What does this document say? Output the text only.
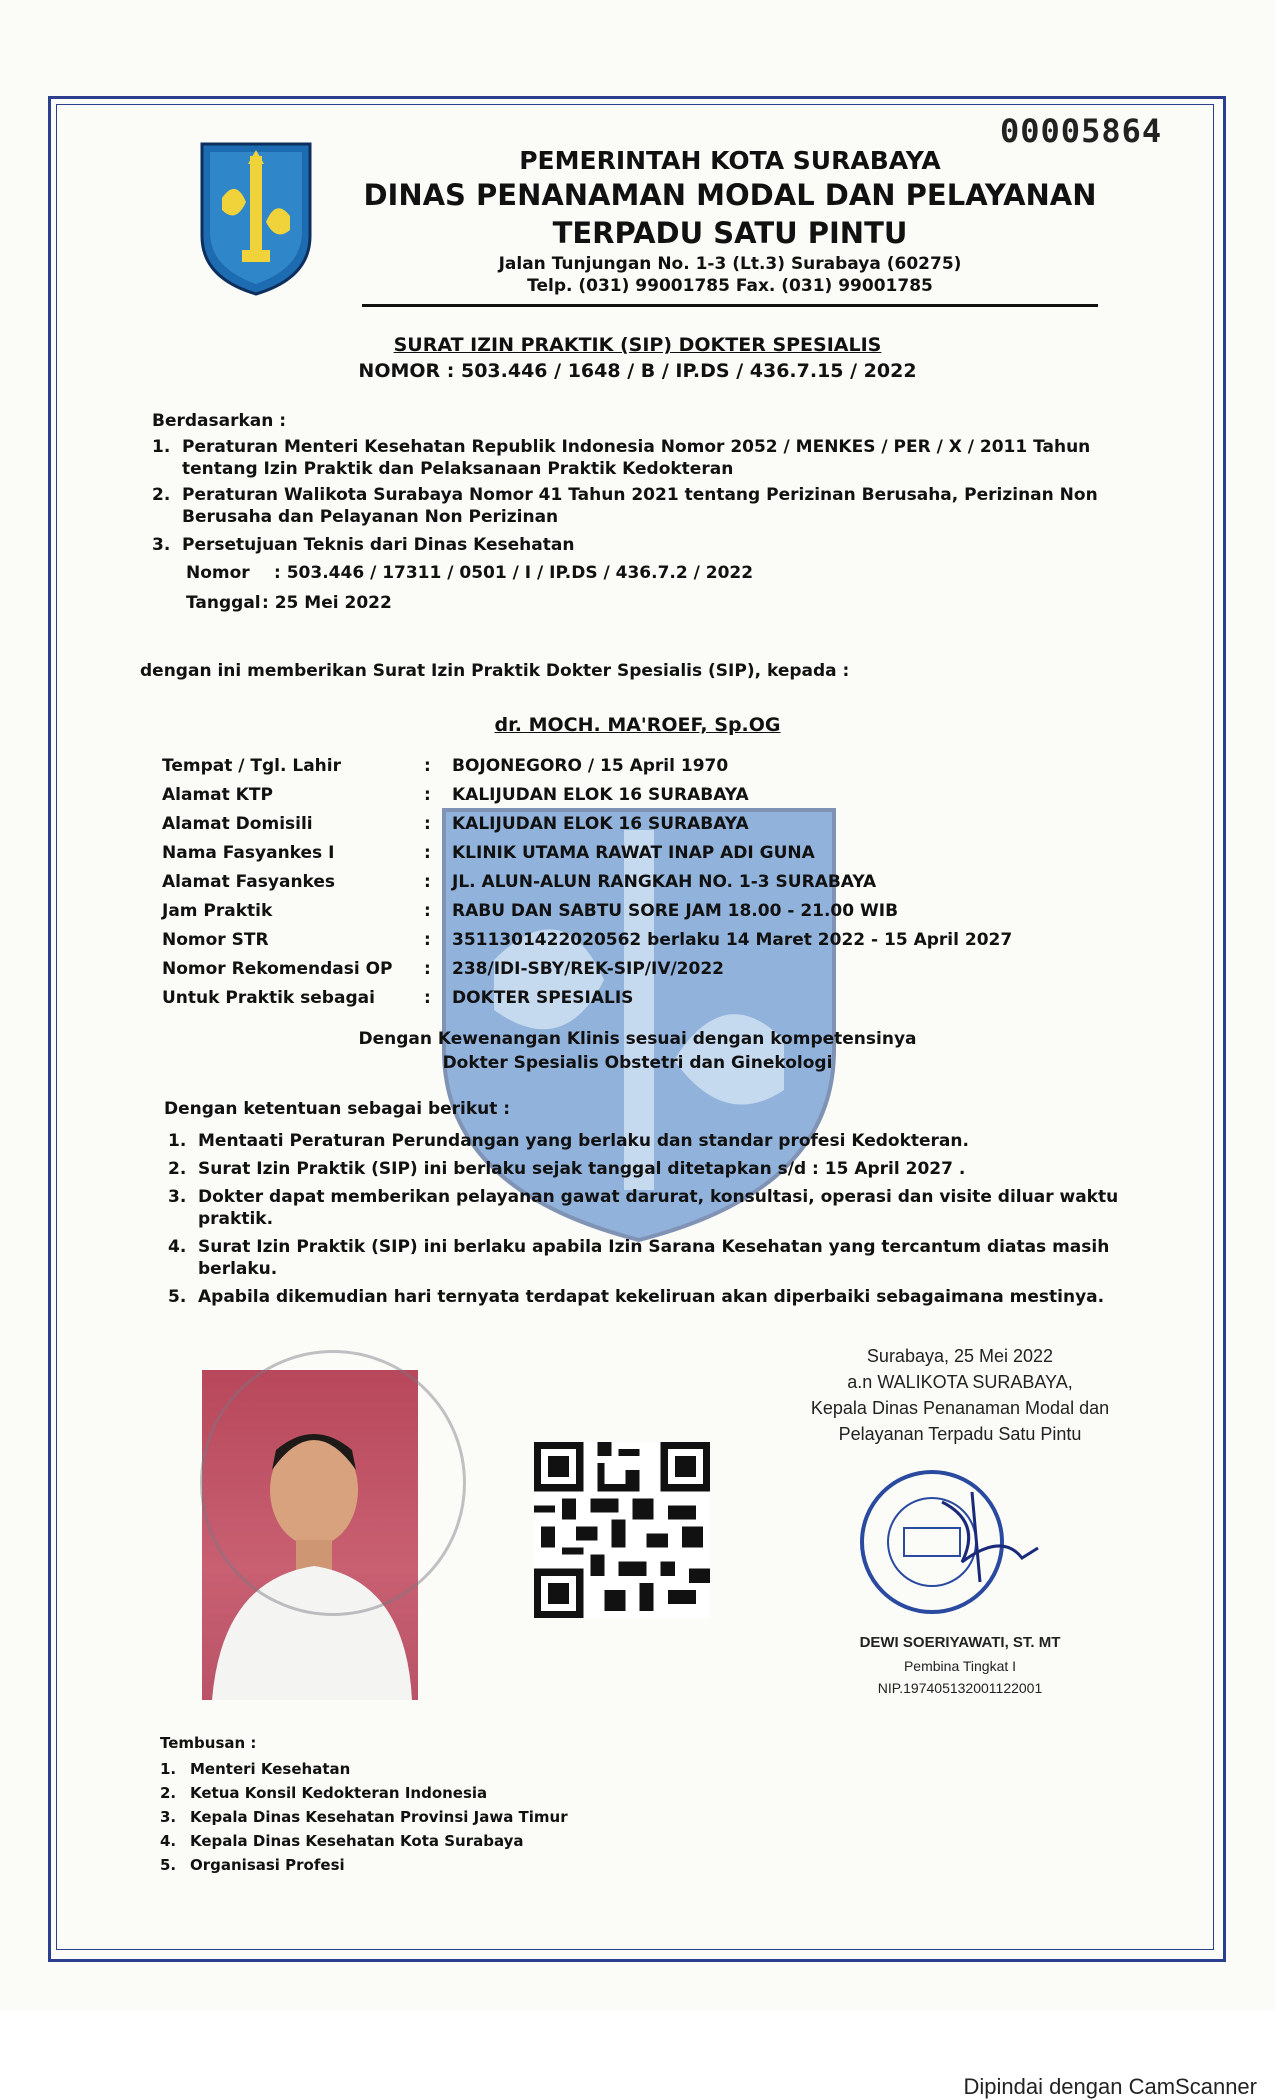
00005864
PEMERINTAH KOTA SURABAYA
DINAS PENANAMAN MODAL DAN PELAYANAN
TERPADU SATU PINTU
Jalan Tunjungan No. 1-3 (Lt.3) Surabaya (60275)
Telp. (031) 99001785 Fax. (031) 99001785
SURAT IZIN PRAKTIK (SIP) DOKTER SPESIALIS
NOMOR : 503.446 / 1648 / B / IP.DS / 436.7.15 / 2022
Berdasarkan :
1. Peraturan Menteri Kesehatan Republik Indonesia Nomor 2052 / MENKES / PER / X / 2011 Tahun
tentang Izin Praktik dan Pelaksanaan Praktik Kedokteran
2. Peraturan Walikota Surabaya Nomor 41 Tahun 2021 tentang Perizinan Berusaha, Perizinan Non
Berusaha dan Pelayanan Non Perizinan
3. Persetujuan Teknis dari Dinas Kesehatan
Nomor : 503.446 / 17311 / 0501 / I / IP.DS / 436.7.2 / 2022
Tanggal : 25 Mei 2022
dengan ini memberikan Surat Izin Praktik Dokter Spesialis (SIP), kepada :
dr. MOCH. MA'ROEF, Sp.OG
Tempat / Tgl. Lahir	: BOJONEGORO / 15 April 1970
Alamat KTP	: KALIJUDAN ELOK 16 SURABAYA
Alamat Domisili	: KALIJUDAN ELOK 16 SURABAYA
Nama Fasyankes I	: KLINIK UTAMA RAWAT INAP ADI GUNA
Alamat Fasyankes	: JL. ALUN-ALUN RANGKAH NO. 1-3 SURABAYA
Jam Praktik	: RABU DAN SABTU SORE JAM 18.00 - 21.00 WIB
Nomor STR	: 3511301422020562 berlaku 14 Maret 2022 - 15 April 2027
Nomor Rekomendasi OP	: 238/IDI-SBY/REK-SIP/IV/2022
Untuk Praktik sebagai	: DOKTER SPESIALIS
Dengan Kewenangan Klinis sesuai dengan kompetensinya
Dokter Spesialis Obstetri dan Ginekologi
Dengan ketentuan sebagai berikut :
1. Mentaati Peraturan Perundangan yang berlaku dan standar profesi Kedokteran.
2. Surat Izin Praktik (SIP) ini berlaku sejak tanggal ditetapkan s/d : 15 April 2027 .
3. Dokter dapat memberikan pelayanan gawat darurat, konsultasi, operasi dan visite diluar waktu
praktik.
4. Surat Izin Praktik (SIP) ini berlaku apabila Izin Sarana Kesehatan yang tercantum diatas masih
berlaku.
5. Apabila dikemudian hari ternyata terdapat kekeliruan akan diperbaiki sebagaimana mestinya.
Surabaya, 25 Mei 2022
a.n WALIKOTA SURABAYA,
Kepala Dinas Penanaman Modal dan
Pelayanan Terpadu Satu Pintu
DEWI SOERIYAWATI, ST. MT
Pembina Tingkat I
NIP.197405132001122001
Tembusan :
1. Menteri Kesehatan
2. Ketua Konsil Kedokteran Indonesia
3. Kepala Dinas Kesehatan Provinsi Jawa Timur
4. Kepala Dinas Kesehatan Kota Surabaya
5. Organisasi Profesi
Dipindai dengan CamScanner
